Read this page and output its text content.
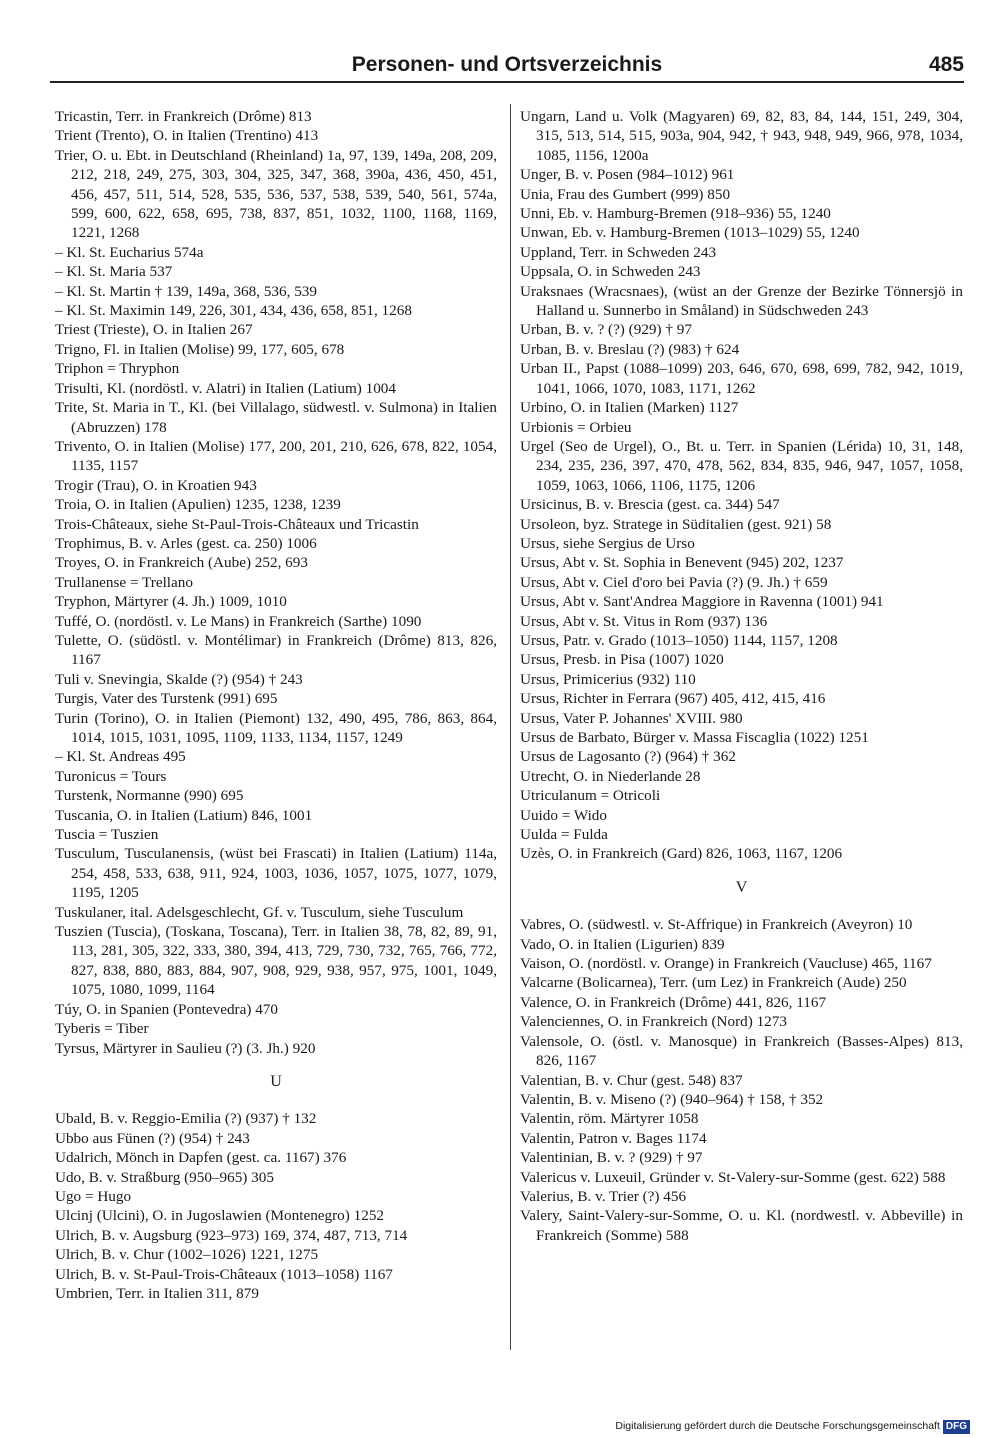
Personen- und Ortsverzeichnis	485

Tricastin, Terr. in Frankreich (Drôme) 813

Trient (Trento), O. in Italien (Trentino) 413

Trier, O. u. Ebt. in Deutschland (Rheinland) 1a, 97, 139, 149a, 208, 209, 212, 218, 249, 275, 303, 304, 325, 347, 368, 390a, 436, 450, 451, 456, 457, 511, 514, 528, 535, 536, 537, 538, 539, 540, 561, 574a, 599, 600, 622, 658, 695, 738, 837, 851, 1032, 1100, 1168, 1169, 1221, 1268

– Kl. St. Eucharius 574a

– Kl. St. Maria 537

– Kl. St. Martin † 139, 149a, 368, 536, 539

– Kl. St. Maximin 149, 226, 301, 434, 436, 658, 851, 1268

Triest (Trieste), O. in Italien 267

Trigno, Fl. in Italien (Molise) 99, 177, 605, 678

Triphon = Thryphon

Trisulti, Kl. (nordöstl. v. Alatri) in Italien (Latium) 1004

Trite, St. Maria in T., Kl. (bei Villalago, südwestl. v. Sulmona) in Italien (Abruzzen) 178

Trivento, O. in Italien (Molise) 177, 200, 201, 210, 626, 678, 822, 1054, 1135, 1157

Trogir (Trau), O. in Kroatien 943

Troia, O. in Italien (Apulien) 1235, 1238, 1239

Trois-Châteaux, siehe St-Paul-Trois-Châteaux und Tricastin

Trophimus, B. v. Arles (gest. ca. 250) 1006

Troyes, O. in Frankreich (Aube) 252, 693

Trullanense = Trellano

Tryphon, Märtyrer (4. Jh.) 1009, 1010

Tuffé, O. (nordöstl. v. Le Mans) in Frankreich (Sarthe) 1090

Tulette, O. (südöstl. v. Montélimar) in Frankreich (Drôme) 813, 826, 1167

Tuli v. Snevingia, Skalde (?) (954) † 243

Turgis, Vater des Turstenk (991) 695

Turin (Torino), O. in Italien (Piemont) 132, 490, 495, 786, 863, 864, 1014, 1015, 1031, 1095, 1109, 1133, 1134, 1157, 1249

– Kl. St. Andreas 495

Turonicus = Tours

Turstenk, Normanne (990) 695

Tuscania, O. in Italien (Latium) 846, 1001

Tuscia = Tuszien

Tusculum, Tusculanensis, (wüst bei Frascati) in Italien (Latium) 114a, 254, 458, 533, 638, 911, 924, 1003, 1036, 1057, 1075, 1077, 1079, 1195, 1205

Tuskulaner, ital. Adelsgeschlecht, Gf. v. Tusculum, siehe Tusculum

Tuszien (Tuscia), (Toskana, Toscana), Terr. in Italien 38, 78, 82, 89, 91, 113, 281, 305, 322, 333, 380, 394, 413, 729, 730, 732, 765, 766, 772, 827, 838, 880, 883, 884, 907, 908, 929, 938, 957, 975, 1001, 1049, 1075, 1080, 1099, 1164

Túy, O. in Spanien (Pontevedra) 470

Tyberis = Tiber

Tyrsus, Märtyrer in Saulieu (?) (3. Jh.) 920

U

Ubald, B. v. Reggio-Emilia (?) (937) † 132

Ubbo aus Fünen (?) (954) † 243

Udalrich, Mönch in Dapfen (gest. ca. 1167) 376

Udo, B. v. Straßburg (950–965) 305

Ugo = Hugo

Ulcinj (Ulcini), O. in Jugoslawien (Montenegro) 1252

Ulrich, B. v. Augsburg (923–973) 169, 374, 487, 713, 714

Ulrich, B. v. Chur (1002–1026) 1221, 1275

Ulrich, B. v. St-Paul-Trois-Châteaux (1013–1058) 1167

Umbrien, Terr. in Italien 311, 879

Ungarn, Land u. Volk (Magyaren) 69, 82, 83, 84, 144, 151, 249, 304, 315, 513, 514, 515, 903a, 904, 942, † 943, 948, 949, 966, 978, 1034, 1085, 1156, 1200a

Unger, B. v. Posen (984–1012) 961

Unia, Frau des Gumbert (999) 850

Unni, Eb. v. Hamburg-Bremen (918–936) 55, 1240

Unwan, Eb. v. Hamburg-Bremen (1013–1029) 55, 1240

Uppland, Terr. in Schweden 243

Uppsala, O. in Schweden 243

Uraksnaes (Wracsnaes), (wüst an der Grenze der Bezirke Tönnersjö in Halland u. Sunnerbo in Småland) in Südschweden 243

Urban, B. v. ? (?) (929) † 97

Urban, B. v. Breslau (?) (983) † 624

Urban II., Papst (1088–1099) 203, 646, 670, 698, 699, 782, 942, 1019, 1041, 1066, 1070, 1083, 1171, 1262

Urbino, O. in Italien (Marken) 1127

Urbionis = Orbieu

Urgel (Seo de Urgel), O., Bt. u. Terr. in Spanien (Lérida) 10, 31, 148, 234, 235, 236, 397, 470, 478, 562, 834, 835, 946, 947, 1057, 1058, 1059, 1063, 1066, 1106, 1175, 1206

Ursicinus, B. v. Brescia (gest. ca. 344) 547

Ursoleon, byz. Stratege in Süditalien (gest. 921) 58

Ursus, siehe Sergius de Urso

Ursus, Abt v. St. Sophia in Benevent (945) 202, 1237

Ursus, Abt v. Ciel d'oro bei Pavia (?) (9. Jh.) † 659

Ursus, Abt v. Sant'Andrea Maggiore in Ravenna (1001) 941

Ursus, Abt v. St. Vitus in Rom (937) 136

Ursus, Patr. v. Grado (1013–1050) 1144, 1157, 1208

Ursus, Presb. in Pisa (1007) 1020

Ursus, Primicerius (932) 110

Ursus, Richter in Ferrara (967) 405, 412, 415, 416

Ursus, Vater P. Johannes' XVIII. 980

Ursus de Barbato, Bürger v. Massa Fiscaglia (1022) 1251

Ursus de Lagosanto (?) (964) † 362

Utrecht, O. in Niederlande 28

Utriculanum = Otricoli

Uuido = Wido

Uulda = Fulda

Uzès, O. in Frankreich (Gard) 826, 1063, 1167, 1206

V

Vabres, O. (südwestl. v. St-Affrique) in Frankreich (Aveyron) 10

Vado, O. in Italien (Ligurien) 839

Vaison, O. (nordöstl. v. Orange) in Frankreich (Vaucluse) 465, 1167

Valcarne (Bolicarnea), Terr. (um Lez) in Frankreich (Aude) 250

Valence, O. in Frankreich (Drôme) 441, 826, 1167

Valenciennes, O. in Frankreich (Nord) 1273

Valensole, O. (östl. v. Manosque) in Frankreich (Basses-Alpes) 813, 826, 1167

Valentian, B. v. Chur (gest. 548) 837

Valentin, B. v. Miseno (?) (940–964) † 158, † 352

Valentin, röm. Märtyrer 1058

Valentin, Patron v. Bages 1174

Valentinian, B. v. ? (929) † 97

Valericus v. Luxeuil, Gründer v. St-Valery-sur-Somme (gest. 622) 588

Valerius, B. v. Trier (?) 456

Valery, Saint-Valery-sur-Somme, O. u. Kl. (nordwestl. v. Abbeville) in Frankreich (Somme) 588

Digitalisierung gefördert durch die Deutsche Forschungsgemeinschaft DFG
